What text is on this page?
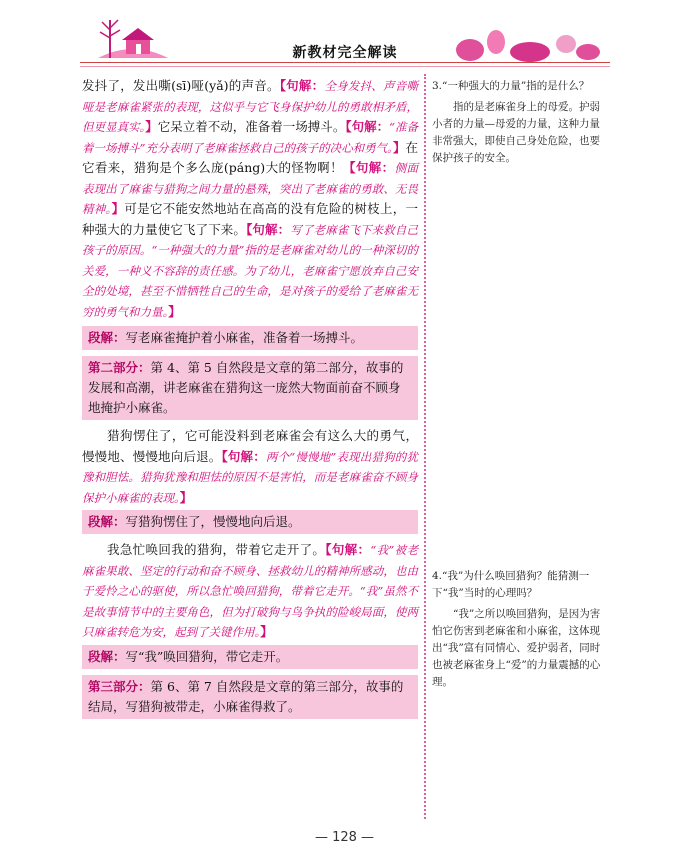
新教材完全解读

发抖了，发出嘶(sī)哑(yǎ)的声音。【句解：全身发抖、声音嘶哑是老麻雀紧张的表现，这似乎与它飞身保护幼儿的勇敢相矛盾，但更显真实。】它呆立着不动，准备着一场搏斗。【句解：“准备着一场搏斗”充分表明了老麻雀拯救自己的孩子的决心和勇气。】在它看来，猎狗是个多么庞(páng)大的怪物啊！【句解：侧面表现出了麻雀与猎狗之间力量的悬殊，突出了老麻雀的勇敢、无畏精神。】可是它不能安然地站在高高的没有危险的树枝上，一种强大的力量使它飞了下来。【句解：写了老麻雀飞下来救自己孩子的原因。“一种强大的力量”指的是老麻雀对幼儿的一种深切的关爱，一种义不容辞的责任感。为了幼儿，老麻雀宁愿放弃自己安全的处境，甚至不惜牺牲自己的生命，是对孩子的爱给了老麻雀无穷的勇气和力量。】

段解：写老麻雀掩护着小麻雀，准备着一场搏斗。
第二部分：第 4、第 5 自然段是文章的第二部分，故事的发展和高潮，讲老麻雀在猎狗这一庞然大物面前奋不顾身地掩护小麻雀。

猎狗愣住了，它可能没料到老麻雀会有这么大的勇气，慢慢地、慢慢地向后退。【句解：两个“慢慢地”表现出猎狗的犹豫和胆怯。猎狗犹豫和胆怯的原因不是害怕，而是老麻雀奋不顾身保护小麻雀的表现。】

段解：写猎狗愣住了，慢慢地向后退。

我急忙唤回我的猎狗，带着它走开了。【句解：“我”被老麻雀果敢、坚定的行动和奋不顾身、拯救幼儿的精神所感动，也由于爱怜之心的驱使，所以急忙唤回猎狗，带着它走开。“我”虽然不是故事情节中的主要角色，但为打破狗与鸟争执的险峻局面，使两只麻雀转危为安，起到了关键作用。】

段解：写“我”唤回猎狗，带它走开。
第三部分：第 6、第 7 自然段是文章的第三部分，故事的结局，写猎狗被带走，小麻雀得救了。

3.“一种强大的力量”指的是什么？

指的是老麻雀身上的母爱。护弱小者的力量—母爱的力量，这种力量非常强大，即使自己身处危险，也要保护孩子的安全。

4.“我”为什么唤回猎狗？能猜测一下“我”当时的心理吗？

“我”之所以唤回猎狗，是因为害怕它伤害到老麻雀和小麻雀，这体现出“我”富有同情心、爱护弱者，同时也被老麻雀身上“爱”的力量震撼的心理。

— 128 —
